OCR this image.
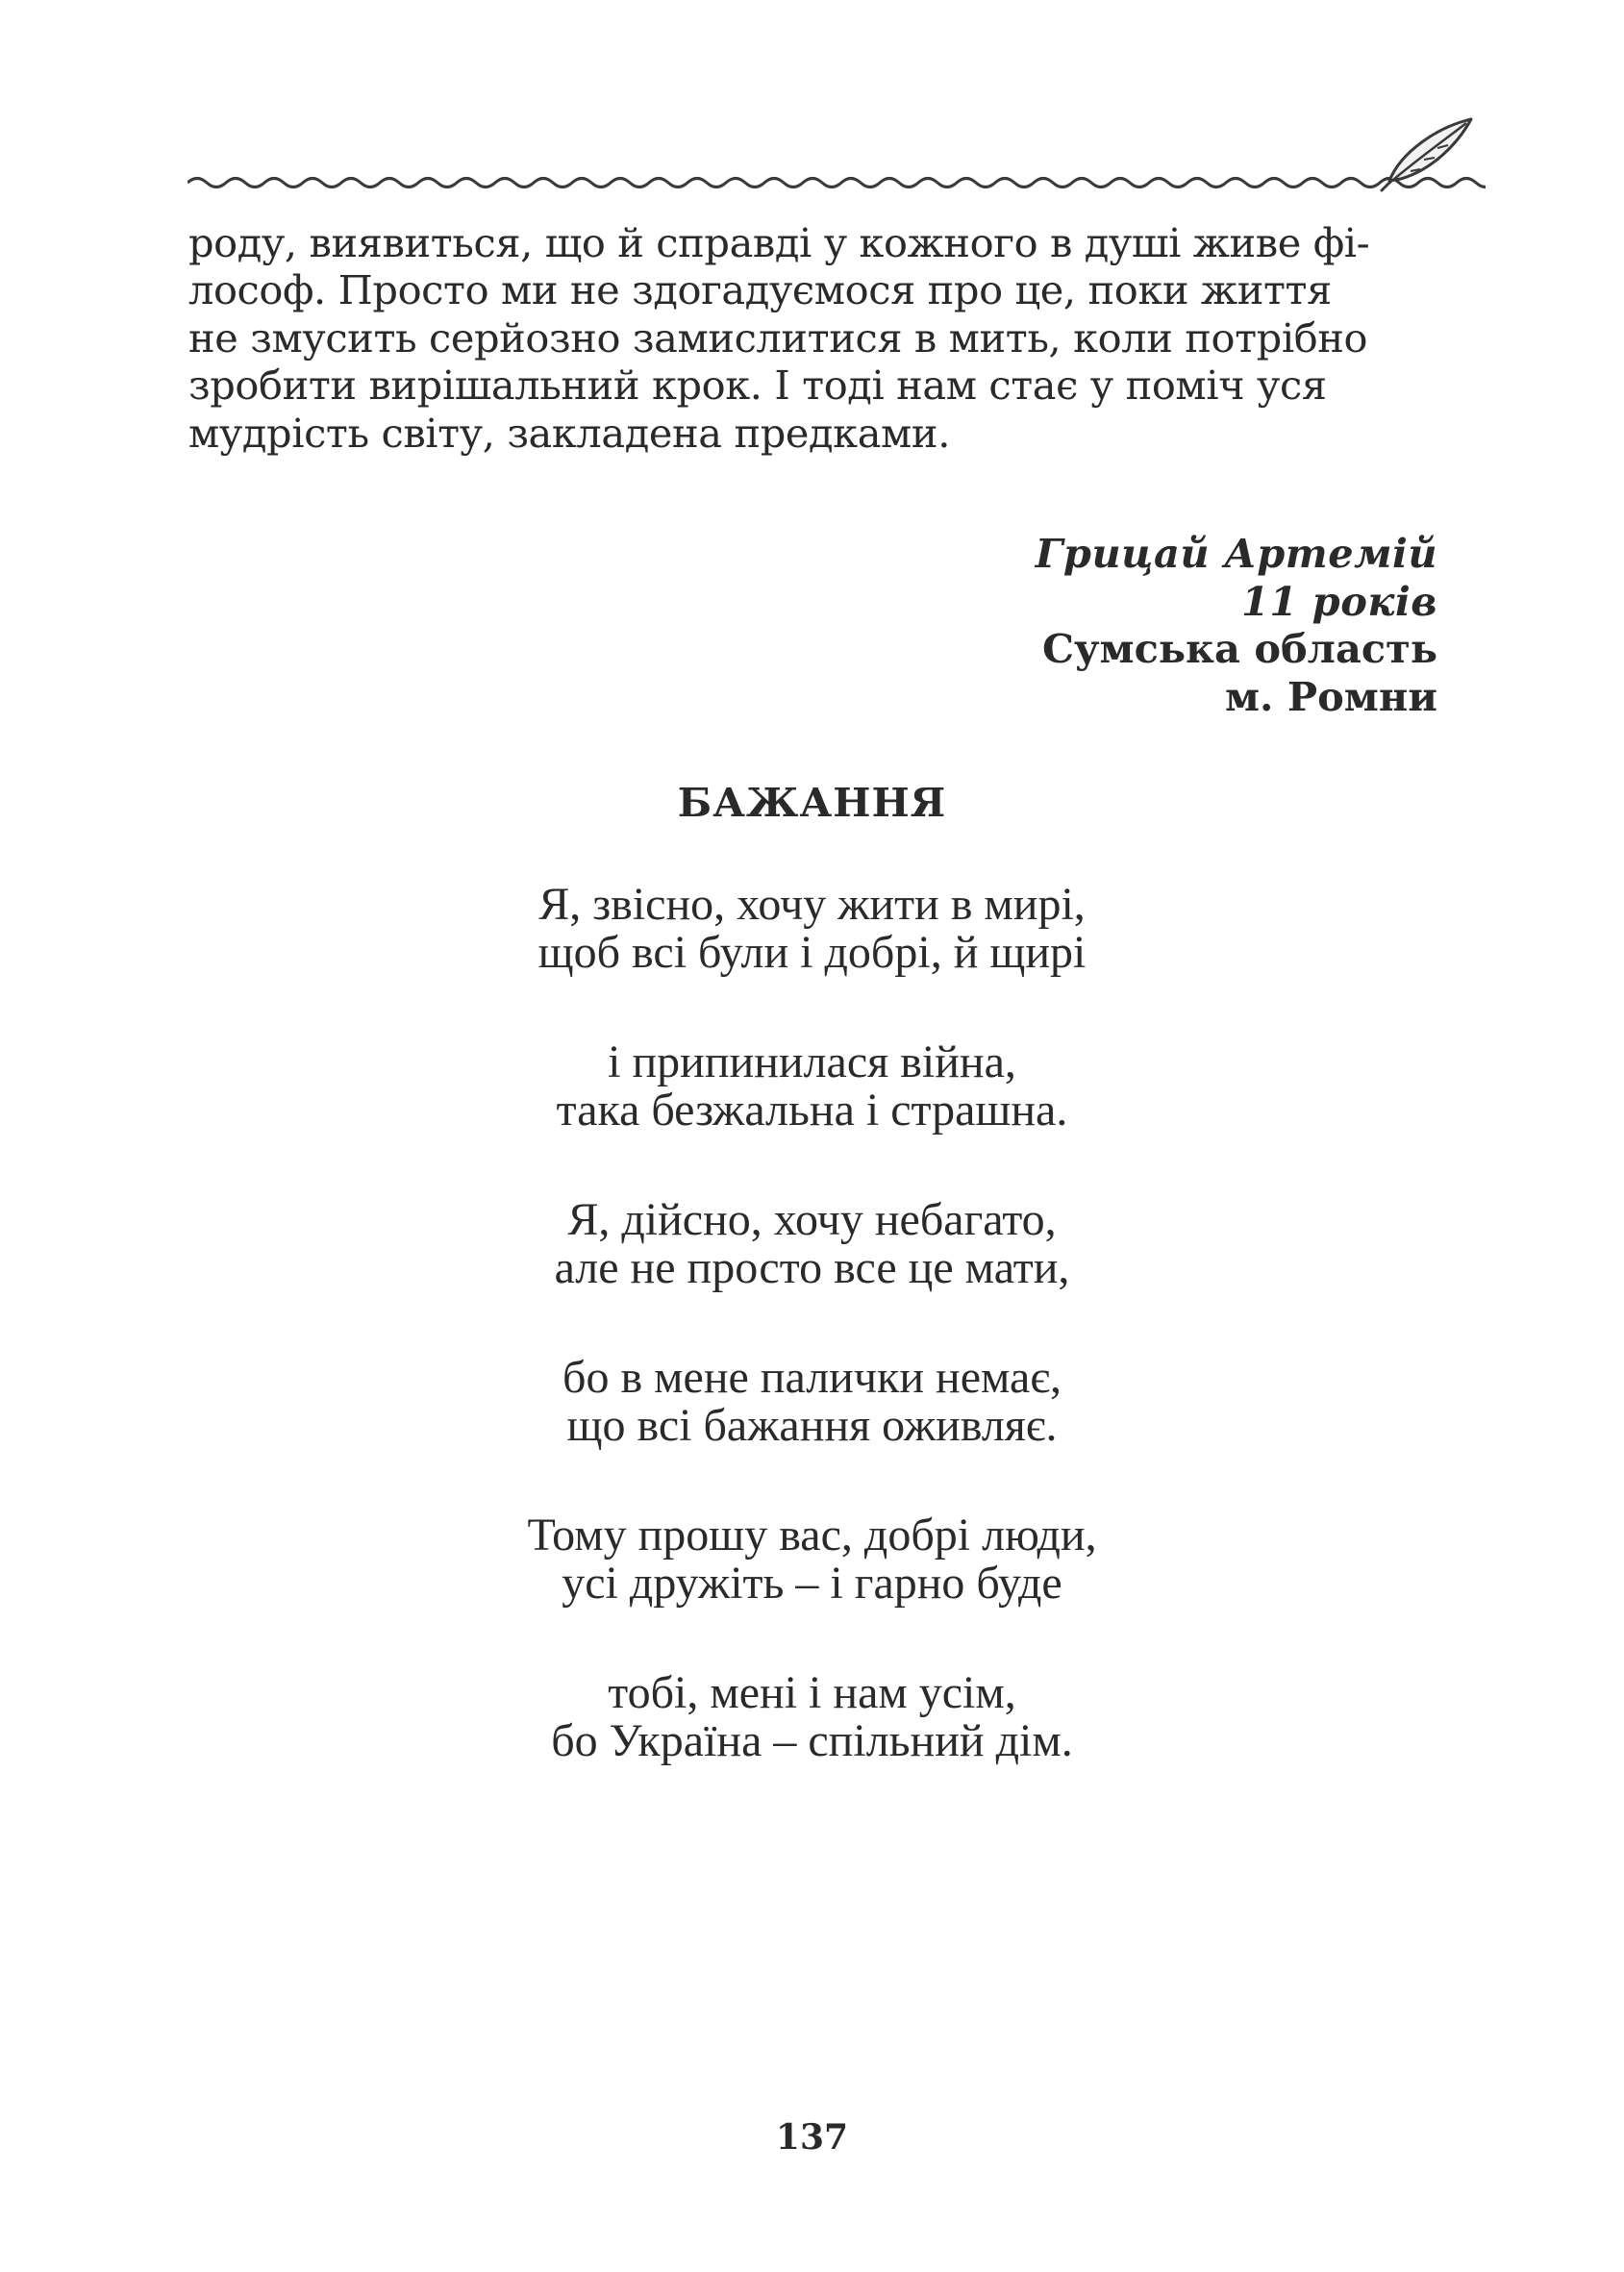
роду, виявиться, що й справді у кожного в душі живе фі-
лософ. Просто ми не здогадуємося про це, поки життя
не змусить серйозно замислитися в мить, коли потрібно
зробити вирішальний крок. І тоді нам стає у поміч уся
мудрість світу, закладена предками.
Грицай Артемій
11 років
Сумська область
м. Ромни
БАЖАННЯ
Я, звісно, хочу жити в мирі,
щоб всі були і добрі, й щирі
і припинилася війна,
така безжальна і страшна.
Я, дійсно, хочу небагато,
але не просто все це мати,
бо в мене палички немає,
що всі бажання оживляє.
Тому прошу вас, добрі люди,
усі дружіть – і гарно буде
тобі, мені і нам усім,
бо Україна – спільний дім.
137
